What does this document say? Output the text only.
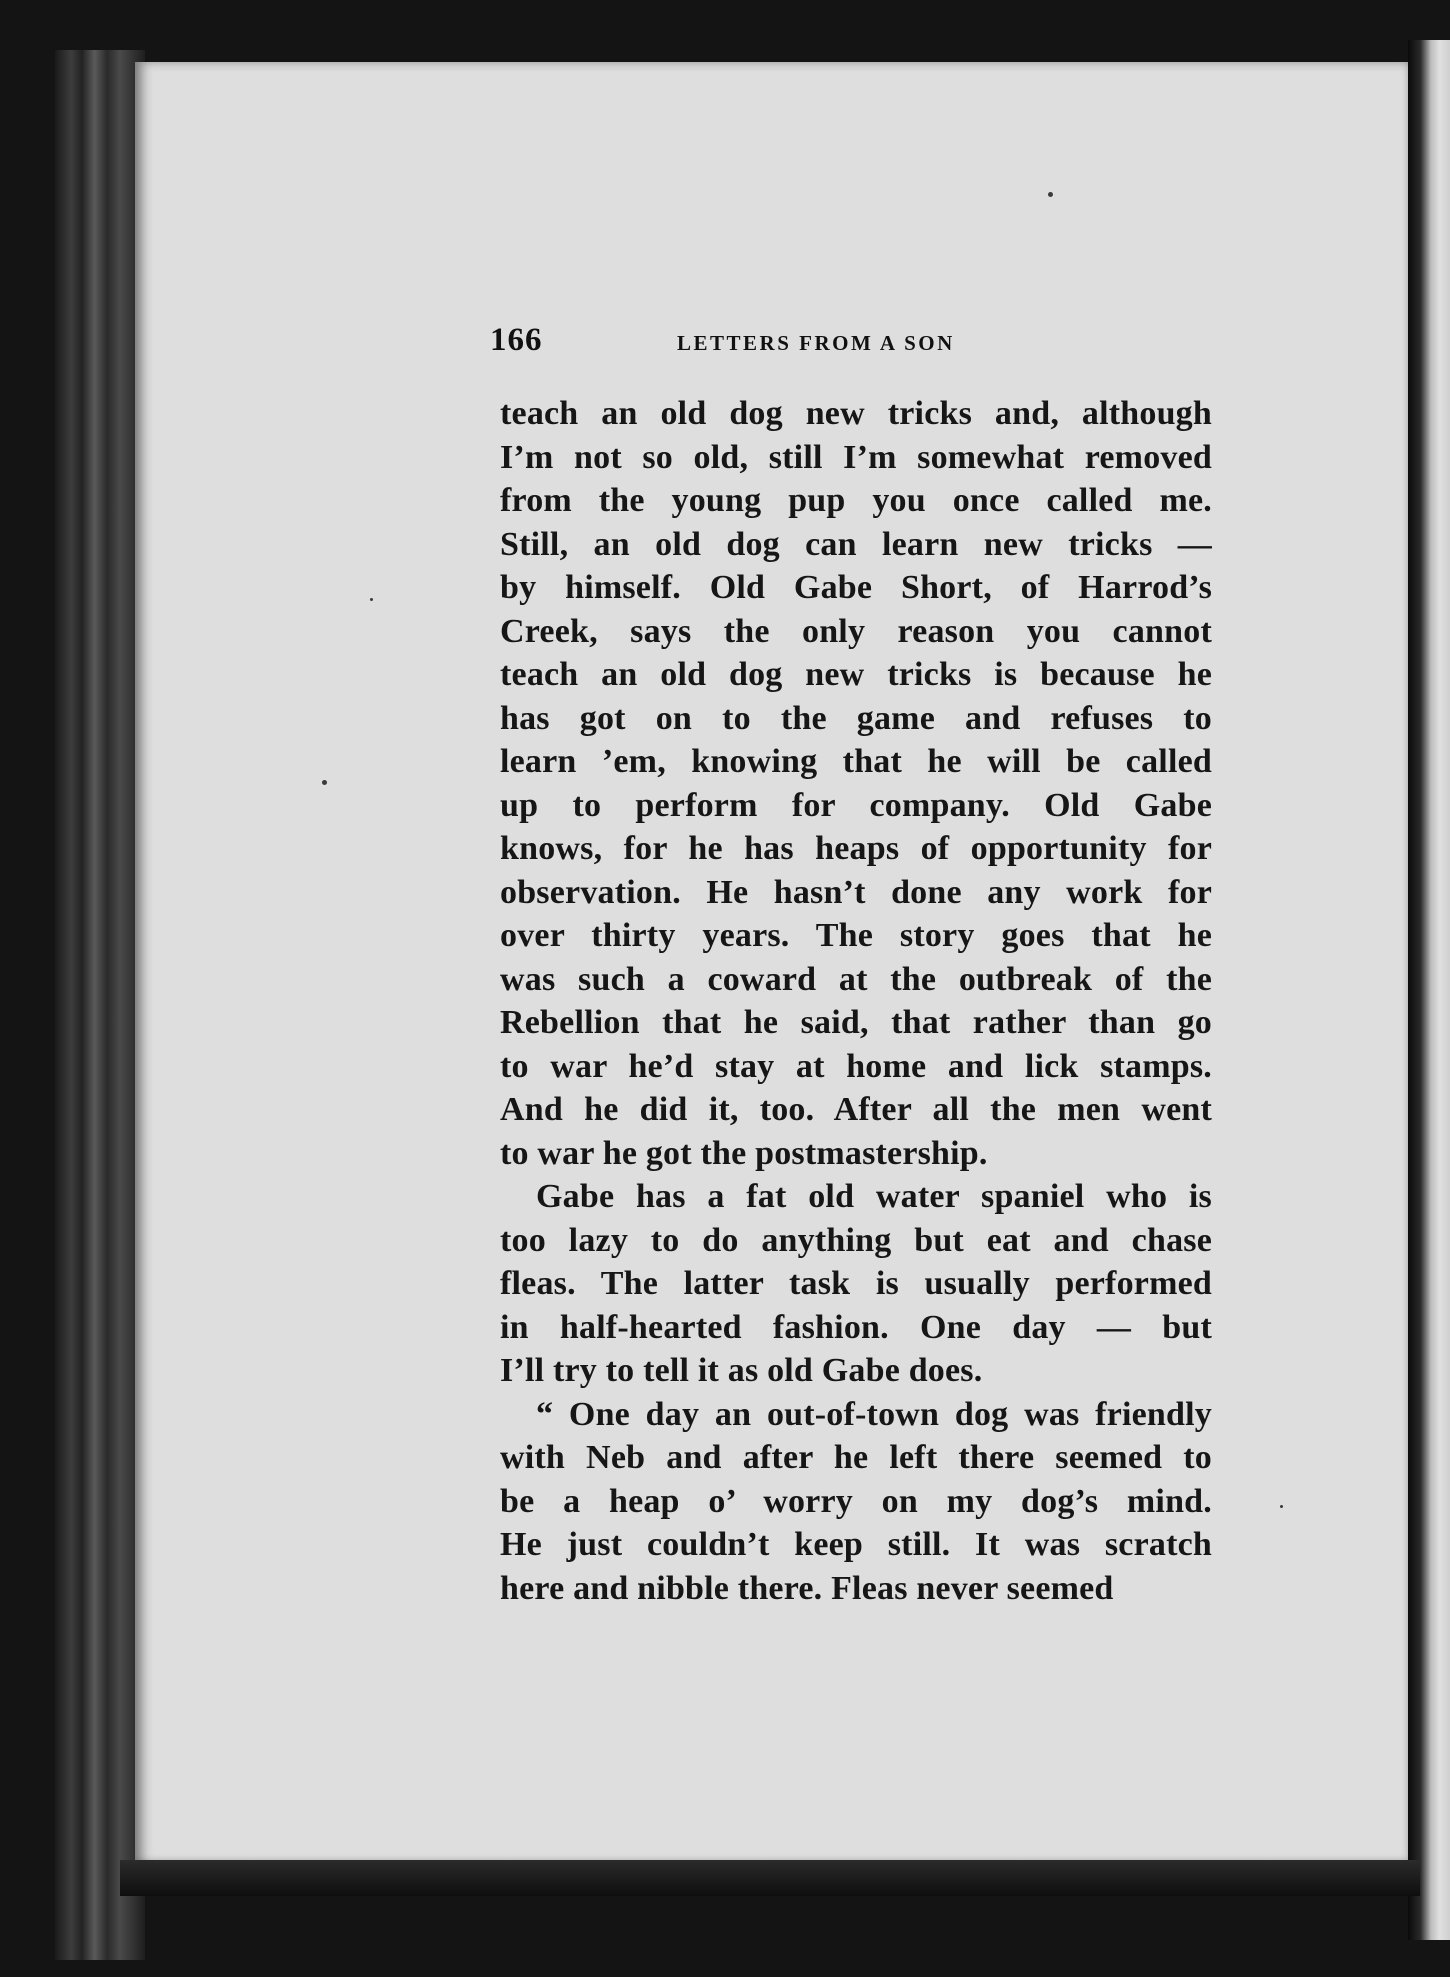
166	LETTERS FROM A SON
teach an old dog new tricks and, although
I’m not so old, still I’m somewhat removed
from the young pup you once called me.
Still, an old dog can learn new tricks —
by himself. Old Gabe Short, of Harrod’s
Creek, says the only reason you cannot
teach an old dog new tricks is because he
has got on to the game and refuses to
learn ’em, knowing that he will be called
up to perform for company. Old Gabe
knows, for he has heaps of opportunity for
observation. He hasn’t done any work for
over thirty years. The story goes that he
was such a coward at the outbreak of the
Rebellion that he said, that rather than go
to war he’d stay at home and lick stamps.
And he did it, too. After all the men went
to war he got the postmastership.
Gabe has a fat old water spaniel who is
too lazy to do anything but eat and chase
fleas. The latter task is usually performed
in half-hearted fashion. One day — but
I’ll try to tell it as old Gabe does.
“ One day an out-of-town dog was friendly
with Neb and after he left there seemed to
be a heap o’ worry on my dog’s mind.
He just couldn’t keep still. It was scratch
here and nibble there. Fleas never seemed
